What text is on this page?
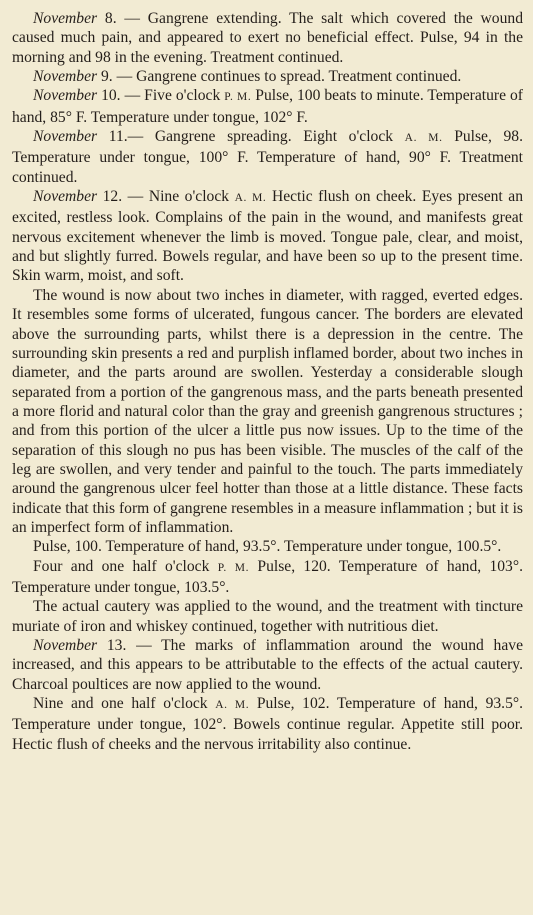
November 8. — Gangrene extending. The salt which covered the wound caused much pain, and appeared to exert no beneficial effect. Pulse, 94 in the morning and 98 in the evening. Treatment continued.

November 9. — Gangrene continues to spread. Treatment continued.

November 10. — Five o'clock P. M. Pulse, 100 beats to minute. Temperature of hand, 85° F. Temperature under tongue, 102° F.

November 11.— Gangrene spreading. Eight o'clock A. M. Pulse, 98. Temperature under tongue, 100° F. Temperature of hand, 90° F. Treatment continued.

November 12. — Nine o'clock A. M. Hectic flush on cheek. Eyes present an excited, restless look. Complains of the pain in the wound, and manifests great nervous excitement whenever the limb is moved. Tongue pale, clear, and moist, and but slightly furred. Bowels regular, and have been so up to the present time. Skin warm, moist, and soft.

The wound is now about two inches in diameter, with ragged, everted edges. It resembles some forms of ulcerated, fungous cancer. The borders are elevated above the surrounding parts, whilst there is a depression in the centre. The surrounding skin presents a red and purplish inflamed border, about two inches in diameter, and the parts around are swollen. Yesterday a considerable slough separated from a portion of the gangrenous mass, and the parts beneath presented a more florid and natural color than the gray and greenish gangrenous structures ; and from this portion of the ulcer a little pus now issues. Up to the time of the separation of this slough no pus has been visible. The muscles of the calf of the leg are swollen, and very tender and painful to the touch. The parts immediately around the gangrenous ulcer feel hotter than those at a little distance. These facts indicate that this form of gangrene resembles in a measure inflammation ; but it is an imperfect form of inflammation.

Pulse, 100. Temperature of hand, 93.5°. Temperature under tongue, 100.5°.

Four and one half o'clock P. M. Pulse, 120. Temperature of hand, 103°. Temperature under tongue, 103.5°.

The actual cautery was applied to the wound, and the treatment with tincture muriate of iron and whiskey continued, together with nutritious diet.

November 13. — The marks of inflammation around the wound have increased, and this appears to be attributable to the effects of the actual cautery. Charcoal poultices are now applied to the wound.

Nine and one half o'clock A. M. Pulse, 102. Temperature of hand, 93.5°. Temperature under tongue, 102°. Bowels continue regular. Appetite still poor. Hectic flush of cheeks and the nervous irritability also continue.
